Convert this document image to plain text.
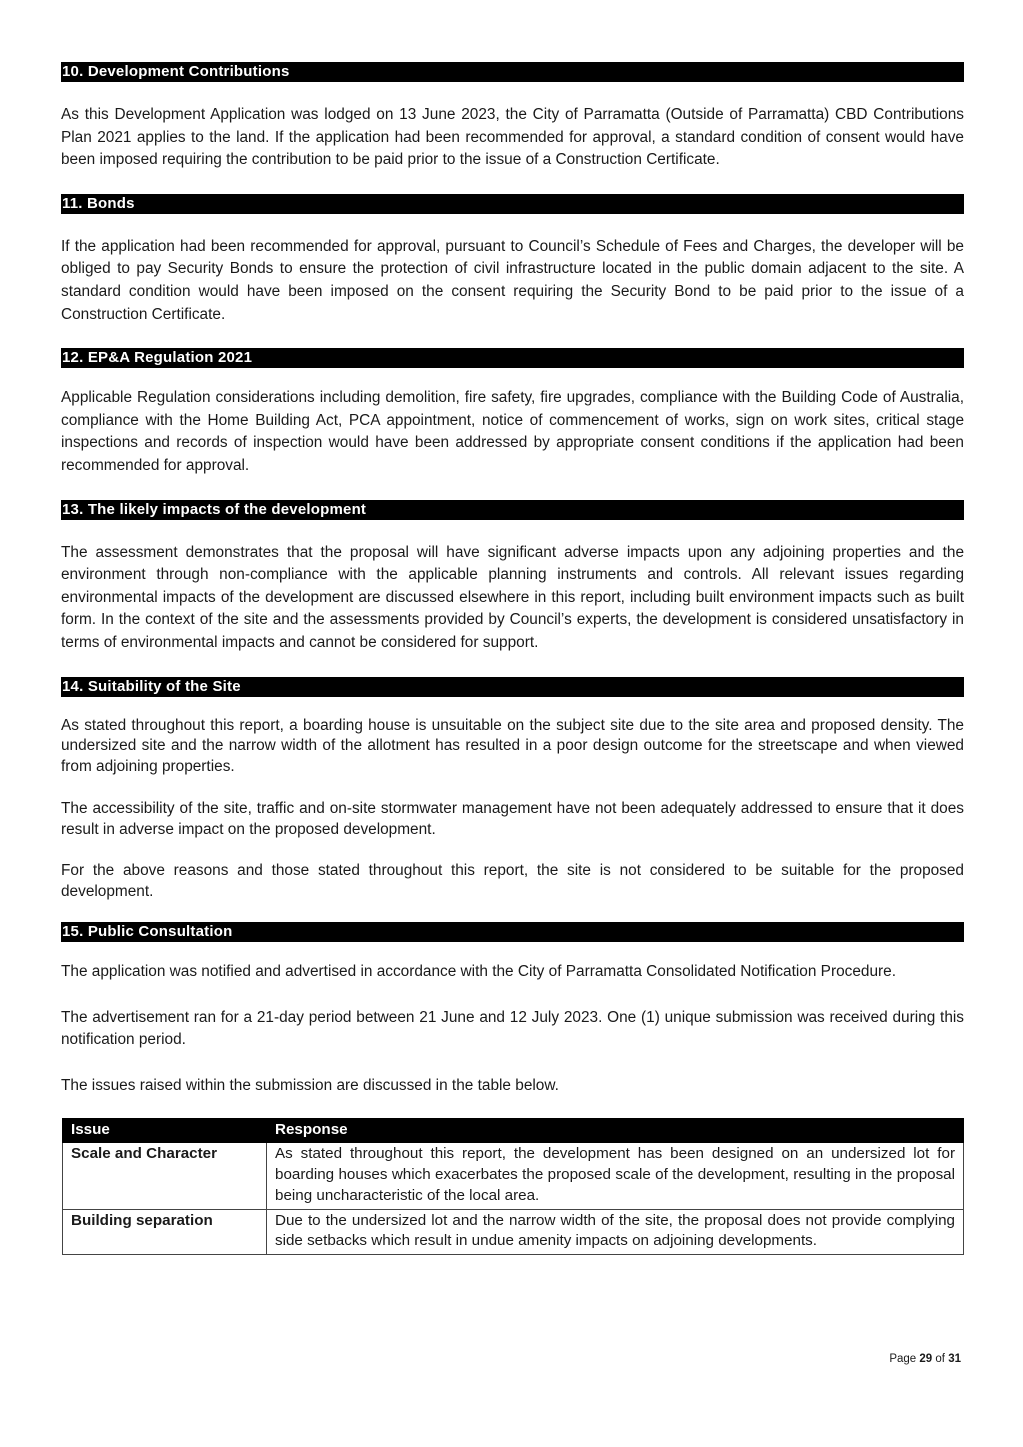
10. Development Contributions

As this Development Application was lodged on 13 June 2023, the City of Parramatta (Outside of Parramatta) CBD Contributions Plan 2021 applies to the land. If the application had been recommended for approval, a standard condition of consent would have been imposed requiring the contribution to be paid prior to the issue of a Construction Certificate.

11. Bonds

If the application had been recommended for approval, pursuant to Council’s Schedule of Fees and Charges, the developer will be obliged to pay Security Bonds to ensure the protection of civil infrastructure located in the public domain adjacent to the site. A standard condition would have been imposed on the consent requiring the Security Bond to be paid prior to the issue of a Construction Certificate.

12. EP&A Regulation 2021

Applicable Regulation considerations including demolition, fire safety, fire upgrades, compliance with the Building Code of Australia, compliance with the Home Building Act, PCA appointment, notice of commencement of works, sign on work sites, critical stage inspections and records of inspection would have been addressed by appropriate consent conditions if the application had been recommended for approval.

13. The likely impacts of the development

The assessment demonstrates that the proposal will have significant adverse impacts upon any adjoining properties and the environment through non-compliance with the applicable planning instruments and controls. All relevant issues regarding environmental impacts of the development are discussed elsewhere in this report, including built environment impacts such as built form. In the context of the site and the assessments provided by Council’s experts, the development is considered unsatisfactory in terms of environmental impacts and cannot be considered for support.

14. Suitability of the Site

As stated throughout this report, a boarding house is unsuitable on the subject site due to the site area and proposed density. The undersized site and the narrow width of the allotment has resulted in a poor design outcome for the streetscape and when viewed from adjoining properties.

The accessibility of the site, traffic and on-site stormwater management have not been adequately addressed to ensure that it does result in adverse impact on the proposed development.

For the above reasons and those stated throughout this report, the site is not considered to be suitable for the proposed development.

15. Public Consultation

The application was notified and advertised in accordance with the City of Parramatta Consolidated Notification Procedure.

The advertisement ran for a 21-day period between 21 June and 12 July 2023. One (1) unique submission was received during this notification period.

The issues raised within the submission are discussed in the table below.

Issue	Response
Scale and Character	As stated throughout this report, the development has been designed on an undersized lot for boarding houses which exacerbates the proposed scale of the development, resulting in the proposal being uncharacteristic of the local area.
Building separation	Due to the undersized lot and the narrow width of the site, the proposal does not provide complying side setbacks which result in undue amenity impacts on adjoining developments.
Page 29 of 31
